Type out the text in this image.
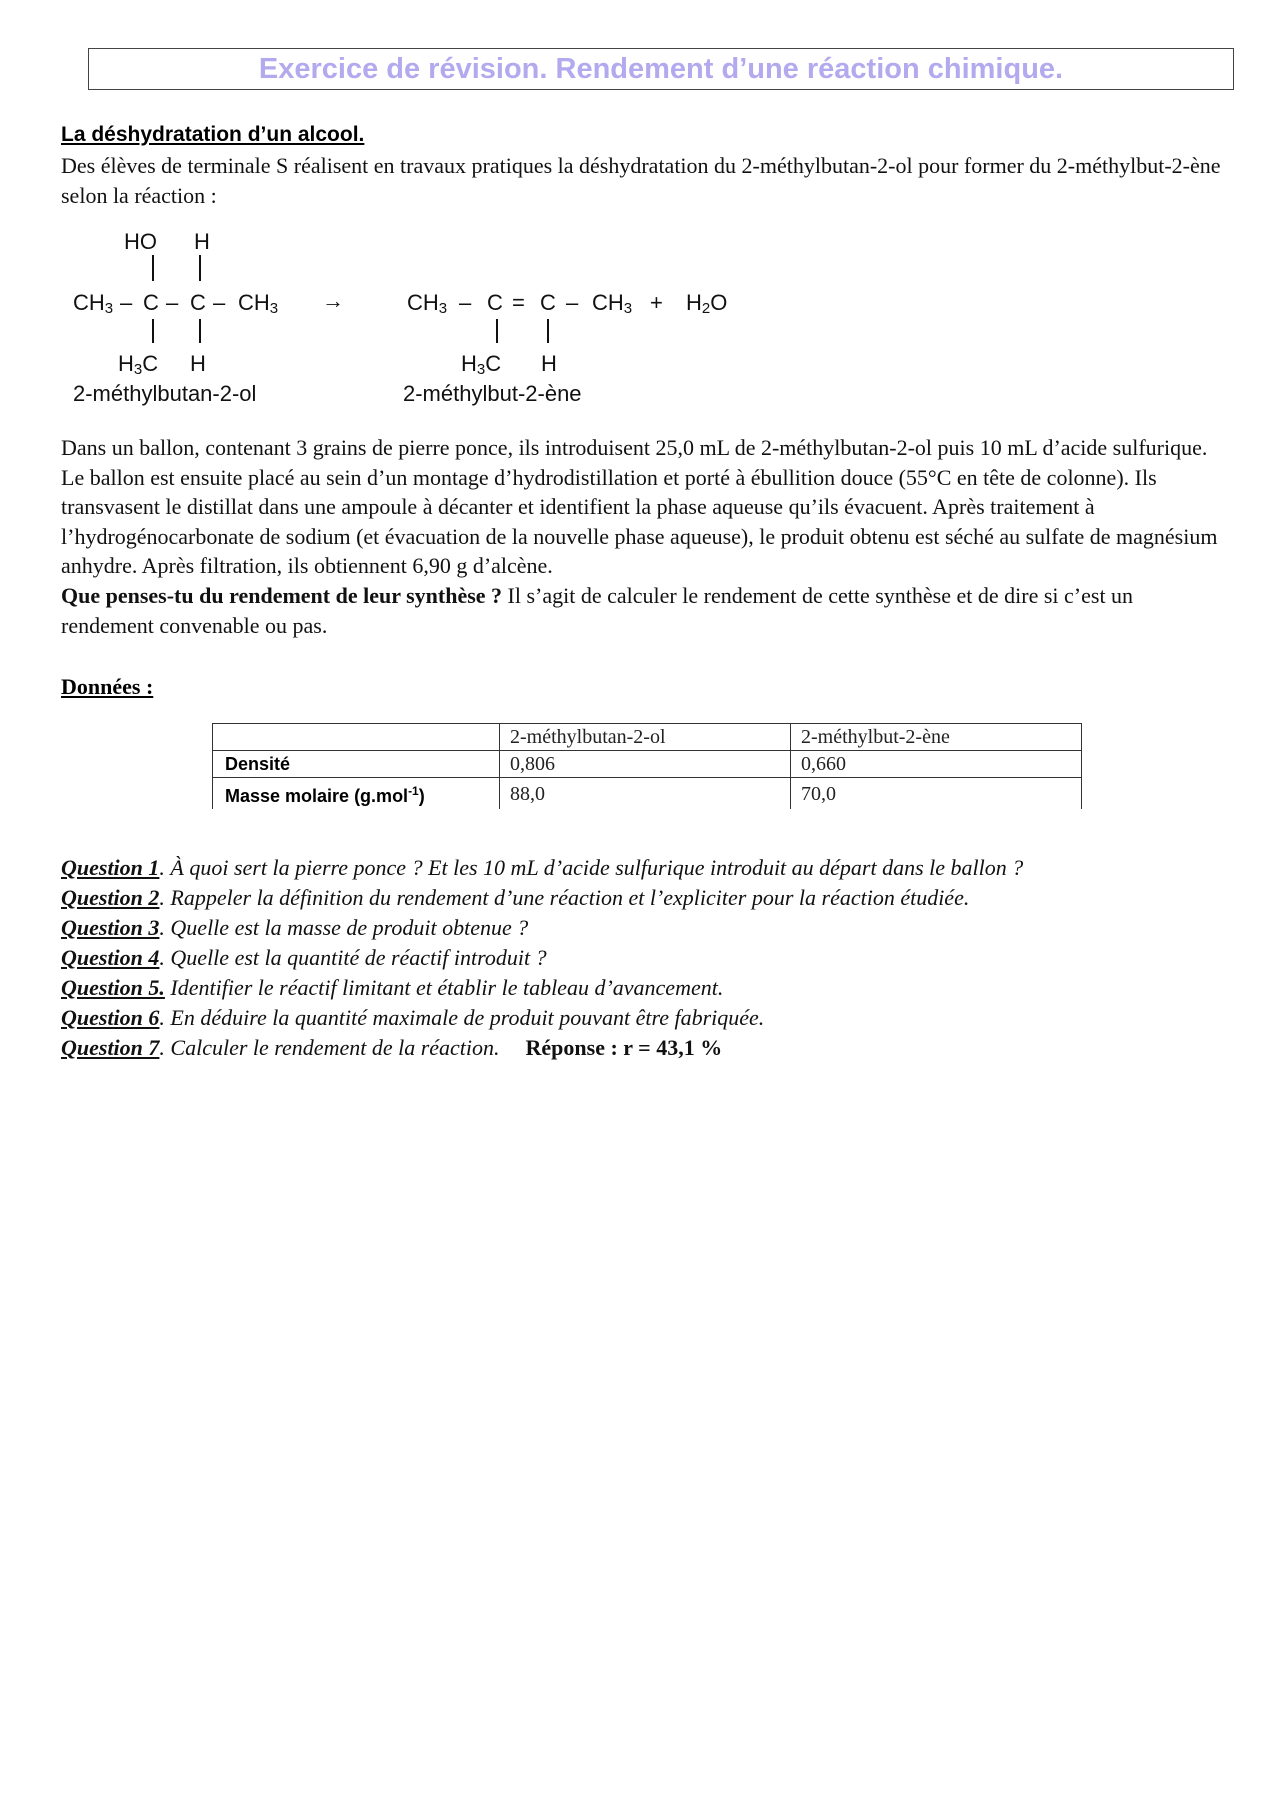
Exercice de révision. Rendement d’une réaction chimique.
La déshydratation d’un alcool.

Des élèves de terminale S réalisent en travaux pratiques la déshydratation du 2-méthylbutan-2-ol pour former du 2-méthylbut-2-ène selon la réaction :

HO H
$CH_3$ – C – C – $CH_3$
$H_3C$ H
2-méthylbutan-2-ol
→	$CH_3 - C = C - CH_3 + H_2O$
$H_3C$ H
2-méthylbut-2-ène
Dans un ballon, contenant 3 grains de pierre ponce, ils introduisent 25,0 mL de 2-méthylbutan-2-ol puis 10 mL d’acide sulfurique. Le ballon est ensuite placé au sein d’un montage d’hydrodistillation et porté à ébullition douce (55°C en tête de colonne). Ils transvasent le distillat dans une ampoule à décanter et identifient la phase aqueuse qu’ils évacuent. Après traitement à l’hydrogénocarbonate de sodium (et évacuation de la nouvelle phase aqueuse), le produit obtenu est séché au sulfate de magnésium anhydre. Après filtration, ils obtiennent 6,90 g d’alcène.
Que penses-tu du rendement de leur synthèse ? Il s’agit de calculer le rendement de cette synthèse et de dire si c’est un rendement convenable ou pas.
Données :
	2-méthylbutan-2-ol	2-méthylbut-2-ène
Densité	0,806	0,660
Masse molaire (g.mol$^{-1}$)	88,0	70,0
Question 1. À quoi sert la pierre ponce ? Et les 10 mL d’acide sulfurique introduit au départ dans le ballon ?
Question 2. Rappeler la définition du rendement d’une réaction et l’expliciter pour la réaction étudiée.
Question 3. Quelle est la masse de produit obtenue ?
Question 4. Quelle est la quantité de réactif introduit ?
Question 5. Identifier le réactif limitant et établir le tableau d’avancement.
Question 6. En déduire la quantité maximale de produit pouvant être fabriquée.
Question 7. Calculer le rendement de la réaction. Réponse : r = 43,1 %
